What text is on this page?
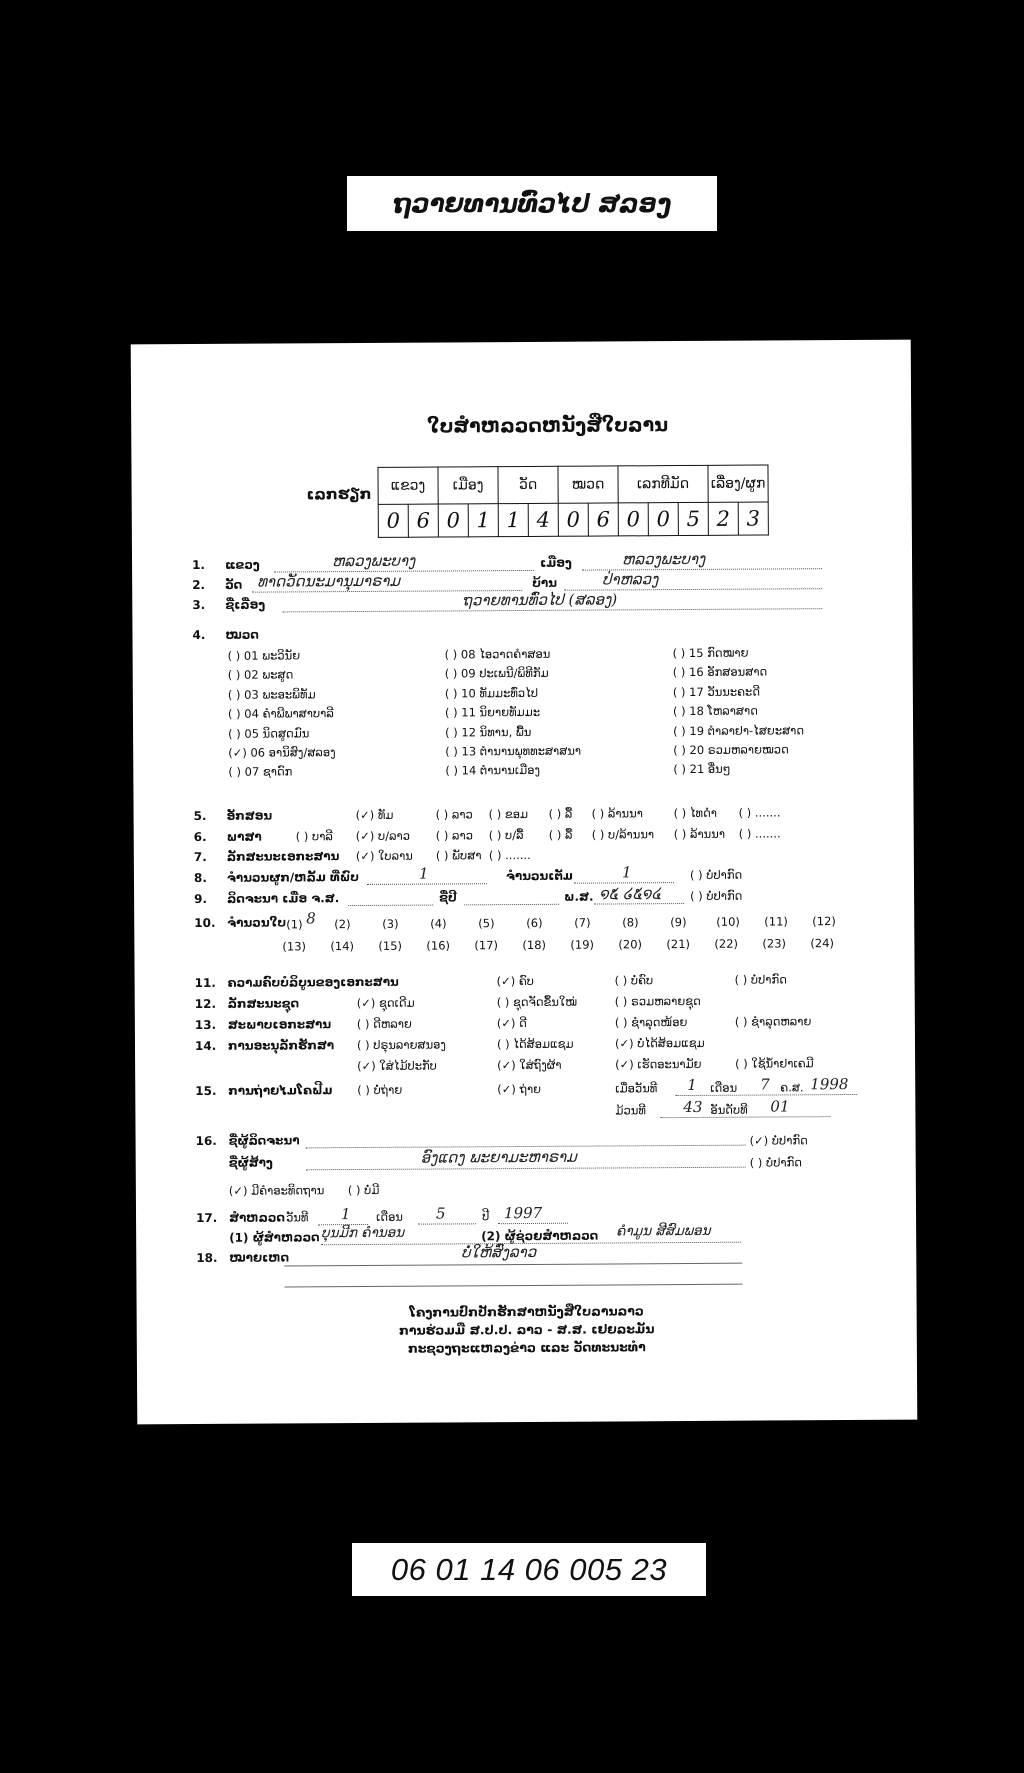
ຖວາຍທານທົ່ວໄປ ສລອງ
ໃບສຳຫລວດຫນັງສືໃບລານ
ເລກຮຽກ ແຂວງ		ເມືອງ		ວັດ		ໝວດ		ເລກທີມັດ			ເລື່ອງ/ຜູກ	
0	6	0	1	1	4	0	6	0	0	5	2	3
1. ແຂວງ	ຫລວງພະບາງ	ເມືອງ	ຫລວງພະບາງ
2. ວັດ ທາດວັດນະມານຸມາຣາມ	ບ້ານ	ປ່າຫລວງ
3. ຊື່ເລື່ອງ	ຖວາຍທານທົ່ວໄປ (ສລອງ)
4. ໝວດ
( ) 01 ພະວິນັຍ
( ) 02 ພະສູດ
( ) 03 ພະອະພິທັມ
( ) 04 ຄຳພີພາສາບາລີ
( ) 05 ນິດສູດມົນ
(✓) 06 ອານິສົງ/ສລອງ
( ) 07 ຊາດົກ
( ) 08 ໄອວາດຄຳສອນ
( ) 09 ປະເພນີ/ພິທີກັມ
( ) 10 ທັມມະທົ່ວໄປ
( ) 11 ນິຍາຍທັມມະ
( ) 12 ນິທານ, ພື້ນ
( ) 13 ຕຳນານພຸທທະສາສນາ
( ) 14 ຕຳນານເມືອງ
( ) 15 ກົດໝາຍ
( ) 16 ອັກສອນສາດ
( ) 17 ວັນນະຄະດີ
( ) 18 ໂຫລາສາດ
( ) 19 ຕຳລາຢາ-ໄສຍະສາດ
( ) 20 ຣວມຫລາຍໝວດ
( ) 21 ອື່ນໆ
5. ອັກສອນ	(✓) ທັມ	( ) ລາວ ( ) ຂອມ ( ) ລື້ ( ) ລ້ານນາ	( ) ໄທດຳ ( ) .......
6. ພາສາ	( ) ບາລີ (✓) ບ/ລາວ ( ) ລາວ ( ) ບ/ລື້ ( ) ລື້ ( ) ບ/ລ້ານນາ ( ) ລ້ານນາ ( ) .......
7. ລັກສະນະເອກະສານ (✓) ໃບລານ ( ) ພັບສາ ( ) .......
8. ຈຳນວນຜູກ/ຫລັ້ມ ທີ່ພົບ	1	ຈຳນວນເຕັມ	1	( ) ບໍ່ປາກົດ
9. ລິດຈະນາ ເມື່ອ ຈ.ສ.	ຊື່ປີ	ພ.ສ. ໑໕ ໒໕໑໔	( ) ບໍ່ປາກົດ
10. ຈຳນວນໃບ 8
(1)	(2)	(3)	(4)	(5)	(6)	(7)	(8)	(9)	(10) (11) (12)
(13) (14) (15) (16) (17) (18) (19) (20) (21) (22) (23) (24)
11. ຄວາມຄົບບໍລິບູນຂອງເອກະສານ	(✓) ຄົບ	( ) ບໍ່ຄົບ	( ) ບໍ່ປາກົດ
12. ລັກສະນະຊຸດ	(✓) ຊຸດເດີມ	( ) ຊຸດຈັດຂຶ້ນໃໝ່	( ) ຣວມຫລາຍຊຸດ
13. ສະພາບເອກະສານ ( ) ດີຫລາຍ	(✓) ດີ	( ) ຊຳລຸດໜ້ອຍ	( ) ຊຳລຸດຫລາຍ
14. ການອະນຸລັກຮັກສາ ( ) ປຣຸນລາຍສນອງ	( ) ໄດ້ສ້ອມແຊມ	(✓) ບໍ່ໄດ້ສ້ອມແຊມ
(✓) ໃສ່ໄມ້ປະກັບ	(✓) ໃສ່ຖົງຜ້າ	(✓) ເຮັດອະນາມັຍ	( ) ໃຊ້ນ້ຳຢາເຄມີ
15. ການຖ່າຍໄມໂຄຟີມ ( ) ບໍ່ຖ່າຍ	(✓) ຖ່າຍ	ເມື່ອວັນທີ 1 ເດືອນ 7 ຄ.ສ. 1998
ມ້ວນທີ 43 ອັນດັບທີ 01
16. ຊື່ຜູ້ລິດຈະນາ	(✓) ບໍ່ປາກົດ
ຊື່ຜູ້ສ້າງ	ອົງແດງ ພະຍາມະຫາຣາມ	( ) ບໍ່ປາກົດ
(✓) ມີຄຳອະທິດຖານ ( ) ບໍ່ມີ
17. ສຳຫລວດ ວັນທີ 1 ເດືອນ 5	ປີ 1997
(1) ຜູ້ສຳຫລວດ ບຸນມີກ ຄຳນອນ	(2) ຜູ້ຊ່ວຍສຳຫລວດ ຄຳມູນ ສີສົມພອນ
18. ໝາຍເຫດ	ບໍ່ໃຫ້ສົ່ງລາວ
ໂຄງການປົກປັກຮັກສາຫນັງສືໃບລານລາວ
ການຮ່ວມມື ສ.ປ.ປ. ລາວ - ສ.ສ. ເຢຍລະມັນ
ກະຊວງຖະແຫລງຂ່າວ ແລະ ວັດທະນະທຳ
06 01 14 06 005 23
